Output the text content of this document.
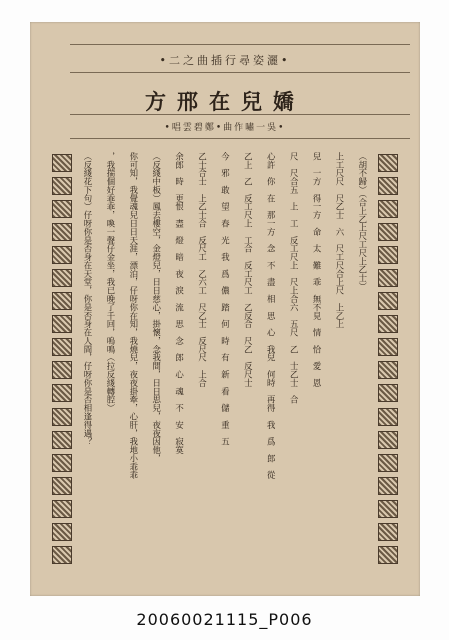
•二之曲插行尋姿灑•
方邢在兒嬌
•唱雲碧鄭•曲作嘯一吳•
（胡不歸）（合上乙上尺工尺上乙士）
上工尺尺　尺乙士　六　尺工尺合上尺　上乙上
兒　一方　得一方　命　太　難　乖　無不見　情　恰　愛　恩
尺　尺合五　上　工　反工尺上　尺上合六　五尺　乙　士乙士　合
心許　你　在　那一方　念　不　盡　相　思　心　我兒　何時　再得　我　爲　郎　從
乙上　乙　反工尺上　工合　反工尺工　乙反合　尺乙　反尺士
今　邪　敢　望　春　光　我　爲　儂　踏　何　時　有　新　看　儲　重　五
乙士合士　上乙士合　反尺工　乙六工　尺乙士　反尺尺　上合
余郎　時　更恨　盡　燈　暗　夜　淚　流　思　念　郎　心　魂　不　安　寂寞
（反綫中板）鳳去樓空，金燈兒，日日慈心，掛懷，念我間，日日思兒，夜夜因他，
你可知，我覺魂兒日日天涯，漂泊，仔呀你在知，我燒兒，夜夜掛牽，心肝，我地小乖乖
，我揣個好乖乖，喚一聲仔金坐，我已晚了千回，嗚鳴（拉反綫轉腔）
（反綫花下句）仔呀你是否身在天堂，你是否身在人間，仔呀你是否相逢得遇？
20060021115_P006
